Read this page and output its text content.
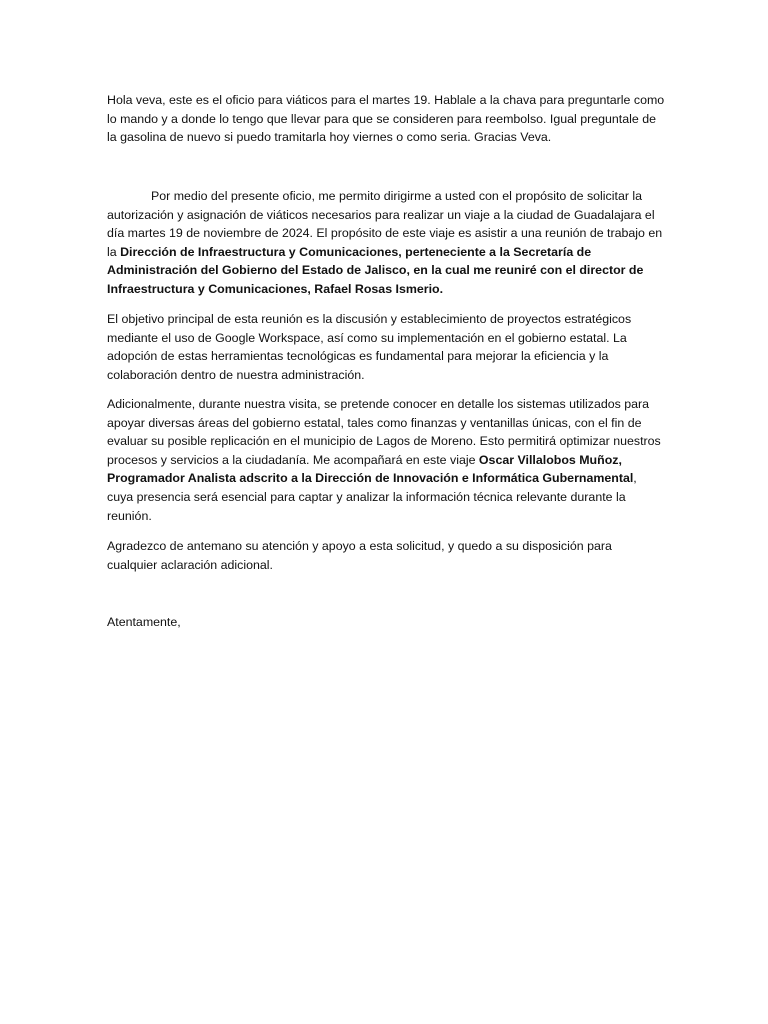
Hola veva, este es el oficio para viáticos para el martes 19. Hablale a la chava para preguntarle como lo mando y a donde lo tengo que llevar para que se consideren para reembolso. Igual preguntale de la gasolina de nuevo si puedo tramitarla hoy viernes o como seria. Gracias Veva.

Por medio del presente oficio, me permito dirigirme a usted con el propósito de solicitar la autorización y asignación de viáticos necesarios para realizar un viaje a la ciudad de Guadalajara el día martes 19 de noviembre de 2024. El propósito de este viaje es asistir a una reunión de trabajo en la Dirección de Infraestructura y Comunicaciones, perteneciente a la Secretaría de Administración del Gobierno del Estado de Jalisco, en la cual me reuniré con el director de Infraestructura y Comunicaciones, Rafael Rosas Ismerio.

El objetivo principal de esta reunión es la discusión y establecimiento de proyectos estratégicos mediante el uso de Google Workspace, así como su implementación en el gobierno estatal. La adopción de estas herramientas tecnológicas es fundamental para mejorar la eficiencia y la colaboración dentro de nuestra administración.

Adicionalmente, durante nuestra visita, se pretende conocer en detalle los sistemas utilizados para apoyar diversas áreas del gobierno estatal, tales como finanzas y ventanillas únicas, con el fin de evaluar su posible replicación en el municipio de Lagos de Moreno. Esto permitirá optimizar nuestros procesos y servicios a la ciudadanía. Me acompañará en este viaje Oscar Villalobos Muñoz, Programador Analista adscrito a la Dirección de Innovación e Informática Gubernamental, cuya presencia será esencial para captar y analizar la información técnica relevante durante la reunión.

Agradezco de antemano su atención y apoyo a esta solicitud, y quedo a su disposición para cualquier aclaración adicional.

Atentamente,
